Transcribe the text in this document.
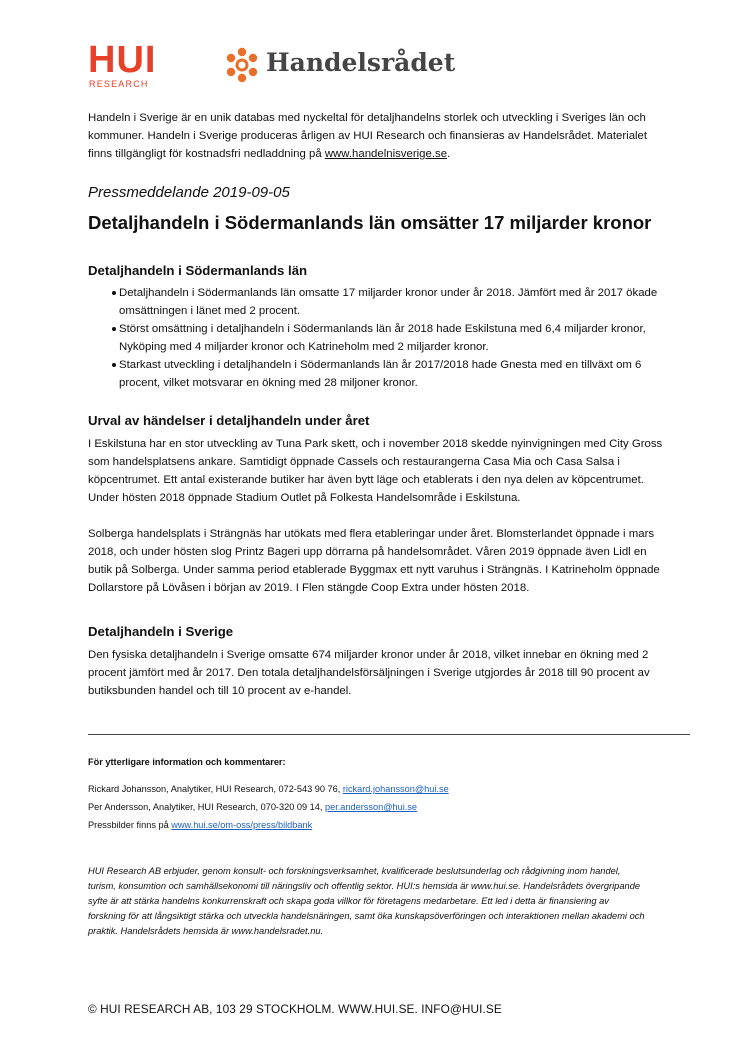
HUI
RESEARCH
Handelsrådet

Handeln i Sverige är en unik databas med nyckeltal för detaljhandelns storlek och utveckling i Sveriges län och kommuner. Handeln i Sverige produceras årligen av HUI Research och finansieras av Handelsrådet. Materialet finns tillgängligt för kostnadsfri nedladdning på www.handelnisverige.se.

Pressmeddelande 2019-09-05
Detaljhandeln i Södermanlands län omsätter 17 miljarder kronor
Detaljhandeln i Södermanlands län
Detaljhandeln i Södermanlands län omsatte 17 miljarder kronor under år 2018. Jämfört med år 2017 ökade omsättningen i länet med 2 procent.
Störst omsättning i detaljhandeln i Södermanlands län år 2018 hade Eskilstuna med 6,4 miljarder kronor, Nyköping med 4 miljarder kronor och Katrineholm med 2 miljarder kronor.
Starkast utveckling i detaljhandeln i Södermanlands län år 2017/2018 hade Gnesta med en tillväxt om 6 procent, vilket motsvarar en ökning med 28 miljoner kronor.
Urval av händelser i detaljhandeln under året

I Eskilstuna har en stor utveckling av Tuna Park skett, och i november 2018 skedde nyinvigningen med City Gross som handelsplatsens ankare. Samtidigt öppnade Cassels och restaurangerna Casa Mia och Casa Salsa i köpcentrumet. Ett antal existerande butiker har även bytt läge och etablerats i den nya delen av köpcentrumet. Under hösten 2018 öppnade Stadium Outlet på Folkesta Handelsområde i Eskilstuna.

Solberga handelsplats i Strängnäs har utökats med flera etableringar under året. Blomsterlandet öppnade i mars 2018, och under hösten slog Printz Bageri upp dörrarna på handelsområdet. Våren 2019 öppnade även Lidl en butik på Solberga. Under samma period etablerade Byggmax ett nytt varuhus i Strängnäs. I Katrineholm öppnade Dollarstore på Lövåsen i början av 2019. I Flen stängde Coop Extra under hösten 2018.

Detaljhandeln i Sverige

Den fysiska detaljhandeln i Sverige omsatte 674 miljarder kronor under år 2018, vilket innebar en ökning med 2 procent jämfört med år 2017. Den totala detaljhandelsförsäljningen i Sverige utgjordes år 2018 till 90 procent av butiksbunden handel och till 10 procent av e-handel.

För ytterligare information och kommentarer:
Rickard Johansson, Analytiker, HUI Research, 072-543 90 76, rickard.johansson@hui.se
Per Andersson, Analytiker, HUI Research, 070-320 09 14, per.andersson@hui.se
Pressbilder finns på www.hui.se/om-oss/press/bildbank

HUI Research AB erbjuder, genom konsult- och forskningsverksamhet, kvalificerade beslutsunderlag och rådgivning inom handel, turism, konsumtion och samhällsekonomi till näringsliv och offentlig sektor. HUI:s hemsida är www.hui.se. Handelsrådets övergripande syfte är att stärka handelns konkurrenskraft och skapa goda villkor för företagens medarbetare. Ett led i detta är finansiering av forskning för att långsiktigt stärka och utveckla handelsnäringen, samt öka kunskapsöverföringen och interaktionen mellan akademi och praktik. Handelsrådets hemsida är www.handelsradet.nu.

© HUI RESEARCH AB, 103 29 STOCKHOLM. WWW.HUI.SE. INFO@HUI.SE
